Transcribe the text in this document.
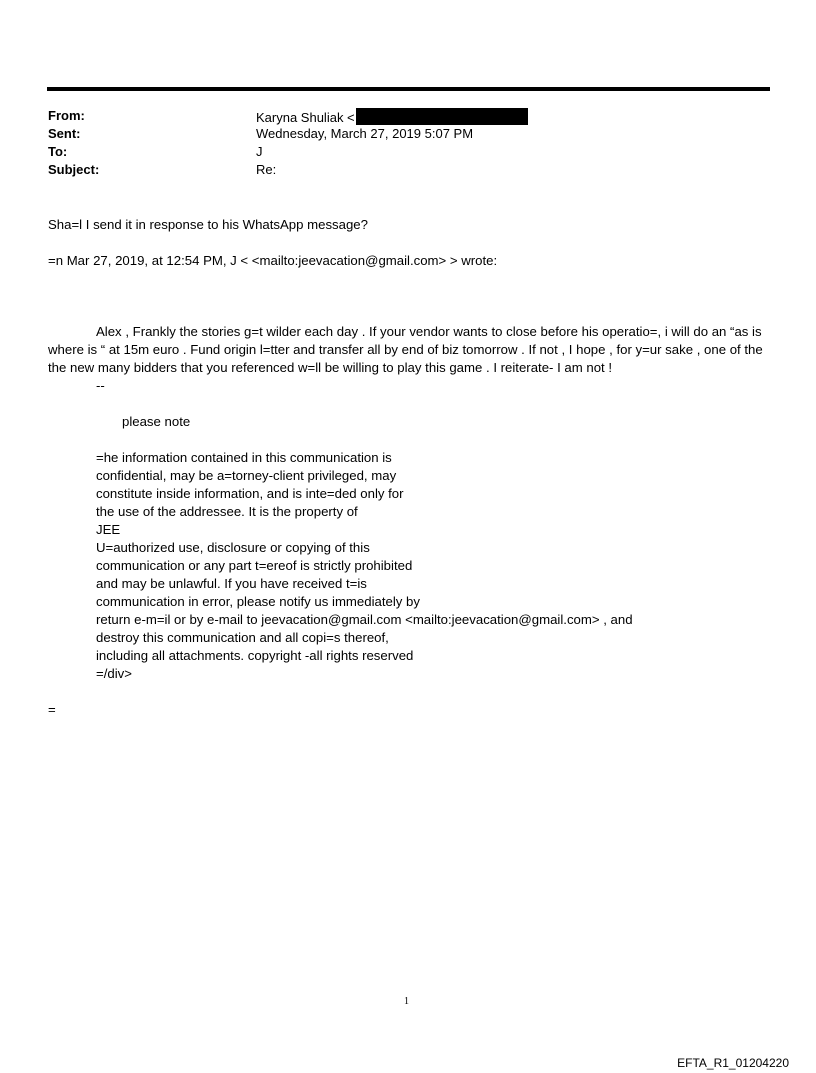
From:	Karyna Shuliak <
Sent:	Wednesday, March 27, 2019 5:07 PM
To:	J
Subject:	Re:
Sha=l I send it in response to his WhatsApp message?
=n Mar 27, 2019, at 12:54 PM, J < <mailto:jeevacation@gmail.com> > wrote:
Alex , Frankly the stories g=t wilder each day . If your vendor wants to close before his operatio=, i will do an “as is where is “ at 15m euro . Fund origin l=tter and transfer all by end of biz tomorrow . If not , I hope , for y=ur sake , one of the the new many bidders that you referenced w=ll be willing to play this game . I reiterate- I am not !
--
please note
=he information contained in this communication is
confidential, may be a=torney-client privileged, may
constitute inside information, and is inte=ded only for
the use of the addressee. It is the property of
JEE
U=authorized use, disclosure or copying of this
communication or any part t=ereof is strictly prohibited
and may be unlawful. If you have received t=is
communication in error, please notify us immediately by
return e-m=il or by e-mail to jeevacation@gmail.com <mailto:jeevacation@gmail.com> , and
destroy this communication and all copi=s thereof,
including all attachments. copyright -all rights reserved
=/div>
=
1
EFTA_R1_01204220
